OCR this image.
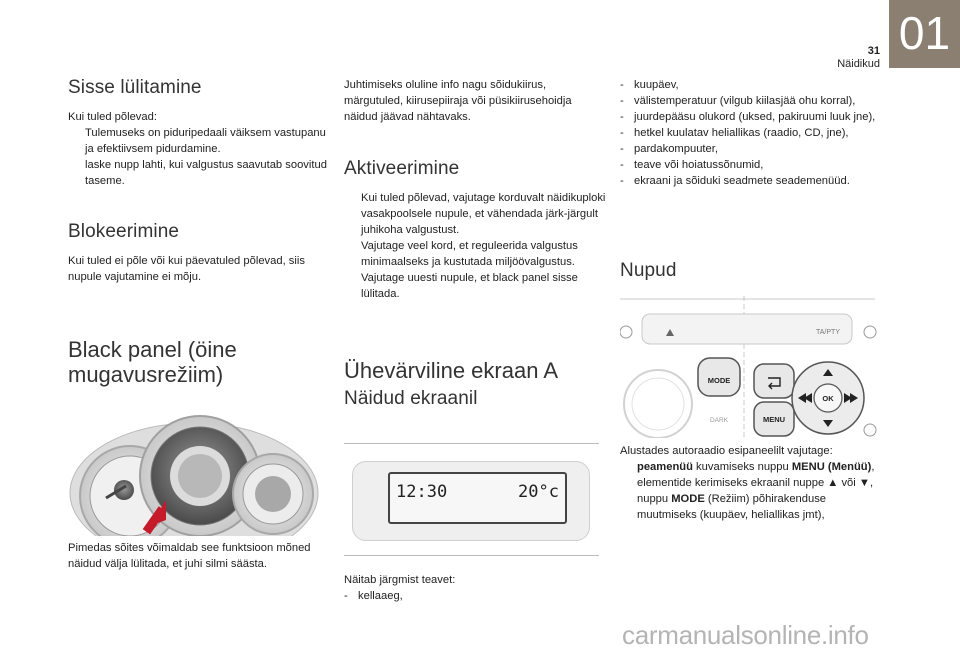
01
31
Näidikud
Sisse lülitamine
Kui tuled põlevad:
Tulemuseks on piduripedaali väiksem vastupanu ja efektiivsem pidurdamine.
laske nupp lahti, kui valgustus saavutab soovitud taseme.
Blokeerimine
Kui tuled ei põle või kui päevatuled põlevad, siis nupule vajutamine ei mõju.
Black panel (öine
mugavusrežiim)
Pimedas sõites võimaldab see funktsioon mõned näidud välja lülitada, et juhi silmi säästa.
Juhtimiseks oluline info nagu sõidukiirus, märgutuled, kiirusepiiraja või püsikiirusehoidja näidud jäävad nähtavaks.
Aktiveerimine
Kui tuled põlevad, vajutage korduvalt näidikuploki vasakpoolsele nupule, et vähendada järk-järgult juhikoha valgustust.
Vajutage veel kord, et reguleerida valgustus minimaalseks ja kustutada miljöövalgustus.
Vajutage uuesti nupule, et black panel sisse lülitada.
Ühevärviline ekraan A
Näidud ekraanil
12:30	20°c
Näitab järgmist teavet:
- kellaaeg,
- kuupäev,
- välistemperatuur (vilgub kiilasjää ohu korral),
- juurdepääsu olukord (uksed, pakiruumi luuk jne),
- hetkel kuulatav heliallikas (raadio, CD, jne),
- pardakompuuter,
- teave või hoiatussõnumid,
- ekraani ja sõiduki seadmete seademenüüd.
Nupud
TA/PTY
MODE
DARK	MENU
OK
Alustades autoraadio esipaneelilt vajutage:
peamenüü kuvamiseks nuppu MENU (Menüü),
elementide kerimiseks ekraanil nuppe ▲ või ▼,
nuppu MODE (Režiim) põhirakenduse muutmiseks (kuupäev, heliallikas jmt),
carmanualsonline.info
